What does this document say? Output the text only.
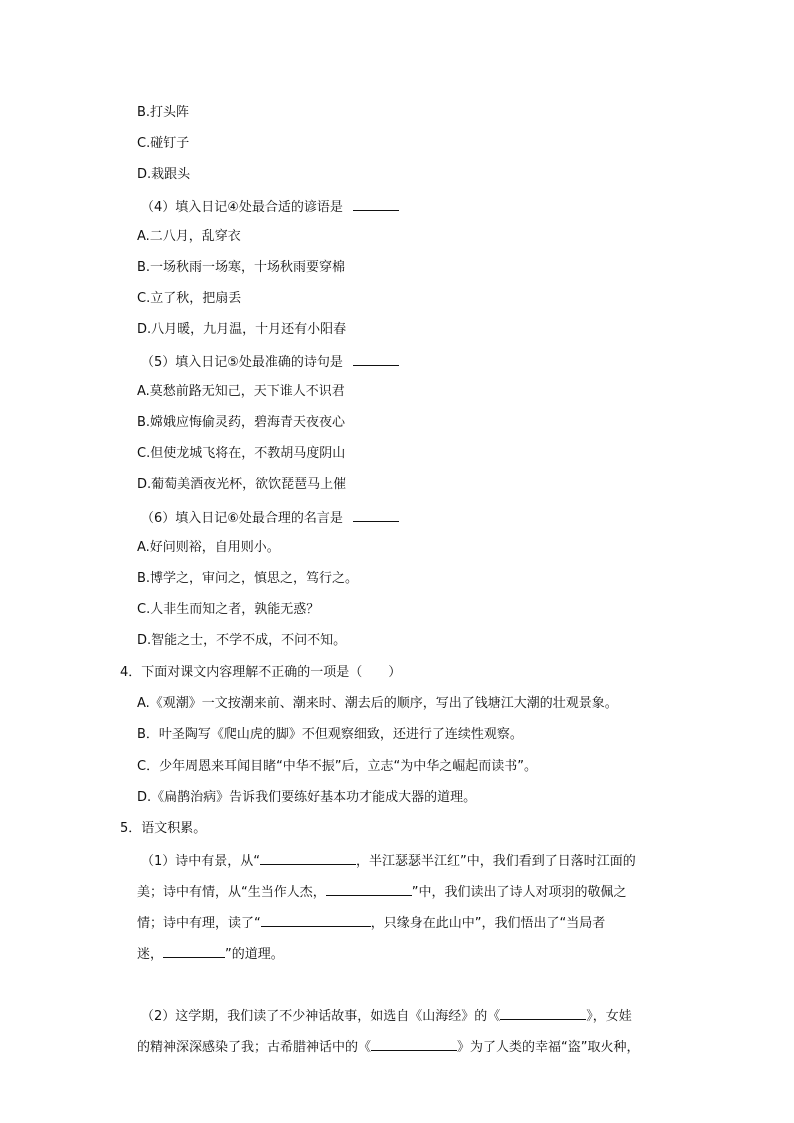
B.打头阵
C.碰钉子
D.栽跟头
（4）填入日记④处最合适的谚语是
A.二八月，乱穿衣
B.一场秋雨一场寒，十场秋雨要穿棉
C.立了秋，把扇丢
D.八月暖，九月温，十月还有小阳春
（5）填入日记⑤处最准确的诗句是
A.莫愁前路无知己，天下谁人不识君
B.嫦娥应悔偷灵药，碧海青天夜夜心
C.但使龙城飞将在，不教胡马度阴山
D.葡萄美酒夜光杯，欲饮琵琶马上催
（6）填入日记⑥处最合理的名言是
A.好问则裕，自用则小。
B.博学之，审问之，慎思之，笃行之。
C.人非生而知之者，孰能无惑？
D.智能之士，不学不成，不问不知。
4．下面对课文内容理解不正确的一项是（　　）
A.《观潮》一文按潮来前、潮来时、潮去后的顺序，写出了钱塘江大潮的壮观景象。
B．叶圣陶写《爬山虎的脚》不但观察细致，还进行了连续性观察。
C．少年周恩来耳闻目睹“中华不振”后，立志“为中华之崛起而读书”。
D.《扁鹊治病》告诉我们要练好基本功才能成大器的道理。
5．语文积累。
（1）诗中有景，从“	，半江瑟瑟半江红”中，我们看到了日落时江面的
美；诗中有情，从“生当作人杰，	”中，我们读出了诗人对项羽的敬佩之
情；诗中有理，读了“	，只缘身在此山中”，我们悟出了“当局者
迷，	”的道理。
（2）这学期，我们读了不少神话故事，如选自《山海经》的《	》，女娃
的精神深深感染了我；古希腊神话中的《	》为了人类的幸福“盗”取火种，
